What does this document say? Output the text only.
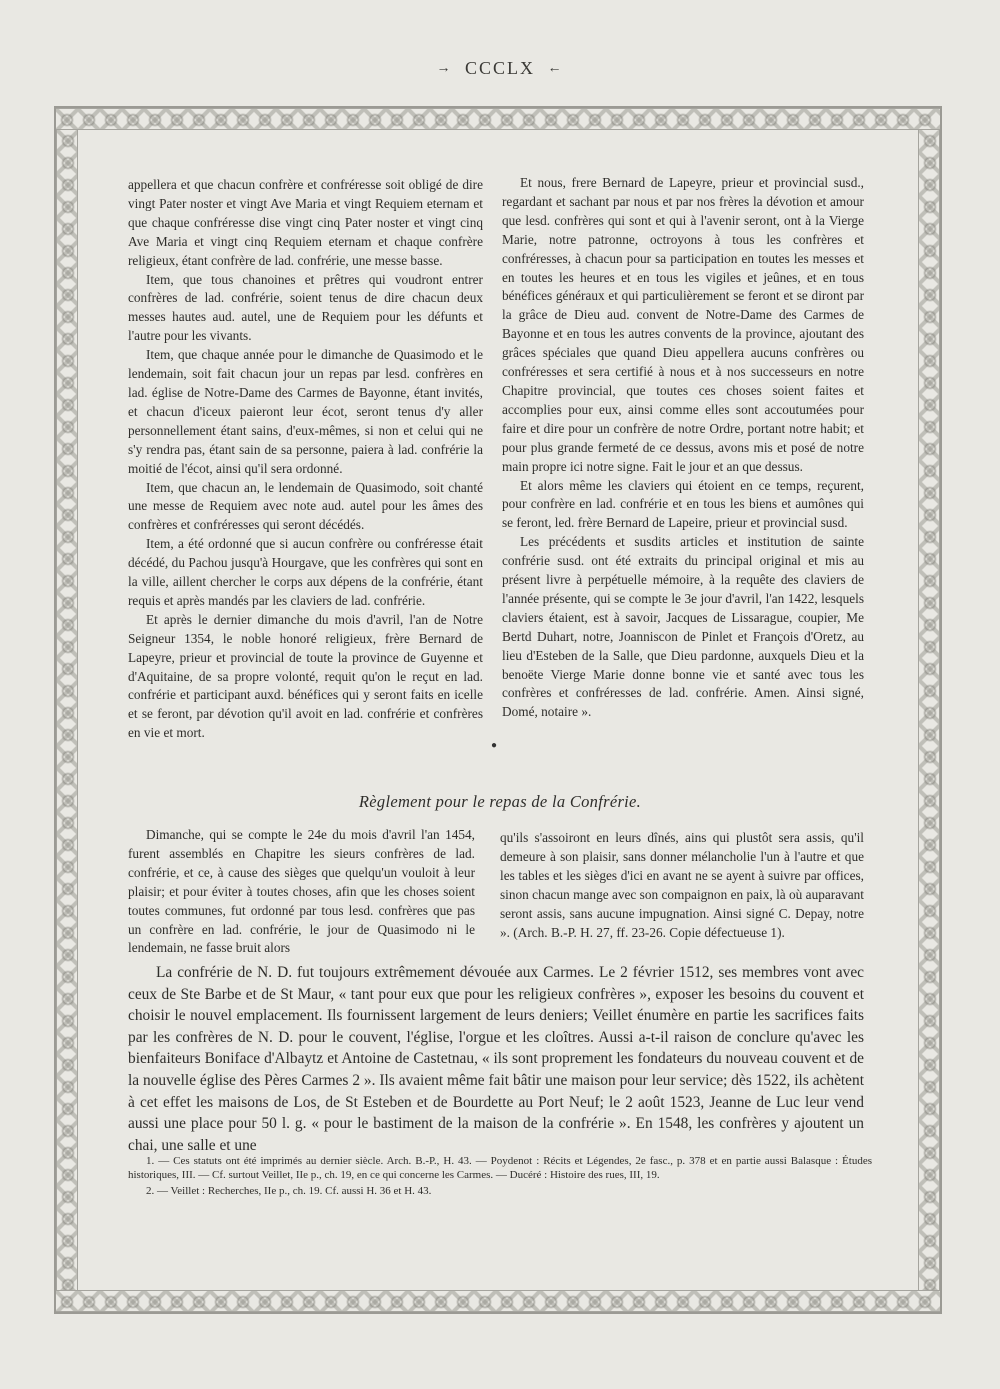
→ CCCLX ←

appellera et que chacun confrère et confréresse soit obligé de dire vingt Pater noster et vingt Ave Maria et vingt Requiem eternam et que chaque confréresse dise vingt cinq Pater noster et vingt cinq Ave Maria et vingt cinq Requiem eternam et chaque confrère religieux, étant confrère de lad. confrérie, une messe basse.

Item, que tous chanoines et prêtres qui voudront entrer confrères de lad. confrérie, soient tenus de dire chacun deux messes hautes aud. autel, une de Requiem pour les défunts et l'autre pour les vivants.

Item, que chaque année pour le dimanche de Quasimodo et le lendemain, soit fait chacun jour un repas par lesd. confrères en lad. église de Notre-Dame des Carmes de Bayonne, étant invités, et chacun d'iceux paieront leur écot, seront tenus d'y aller personnellement étant sains, d'eux-mêmes, si non et celui qui ne s'y rendra pas, étant sain de sa personne, paiera à lad. confrérie la moitié de l'écot, ainsi qu'il sera ordonné.

Item, que chacun an, le lendemain de Quasimodo, soit chanté une messe de Requiem avec note aud. autel pour les âmes des confrères et confréresses qui seront décédés.

Item, a été ordonné que si aucun confrère ou confréresse était décédé, du Pachou jusqu'à Hourgave, que les confrères qui sont en la ville, aillent chercher le corps aux dépens de la confrérie, étant requis et après mandés par les claviers de lad. confrérie.

Et après le dernier dimanche du mois d'avril, l'an de Notre Seigneur 1354, le noble honoré religieux, frère Bernard de Lapeyre, prieur et provincial de toute la province de Guyenne et d'Aquitaine, de sa propre volonté, requit qu'on le reçut en lad. confrérie et participant auxd. bénéfices qui y seront faits en icelle et se feront, par dévotion qu'il avoit en lad. confrérie et confrères en vie et mort.

●

Et nous, frere Bernard de Lapeyre, prieur et provincial susd., regardant et sachant par nous et par nos frères la dévotion et amour que lesd. confrères qui sont et qui à l'avenir seront, ont à la Vierge Marie, notre patronne, octroyons à tous les confrères et confréresses, à chacun pour sa participation en toutes les messes et en toutes les heures et en tous les vigiles et jeûnes, et en tous bénéfices généraux et qui particulièrement se feront et se diront par la grâce de Dieu aud. convent de Notre-Dame des Carmes de Bayonne et en tous les autres convents de la province, ajoutant des grâces spéciales que quand Dieu appellera aucuns confrères ou confréresses et sera certifié à nous et à nos successeurs en notre Chapitre provincial, que toutes ces choses soient faites et accomplies pour eux, ainsi comme elles sont accoutumées pour faire et dire pour un confrère de notre Ordre, portant notre habit; et pour plus grande fermeté de ce dessus, avons mis et posé de notre main propre ici notre signe. Fait le jour et an que dessus.

Et alors même les claviers qui étoient en ce temps, reçurent, pour confrère en lad. confrérie et en tous les biens et aumônes qui se feront, led. frère Bernard de Lapeire, prieur et provincial susd.

Les précédents et susdits articles et institution de sainte confrérie susd. ont été extraits du principal original et mis au présent livre à perpétuelle mémoire, à la requête des claviers de l'année présente, qui se compte le 3e jour d'avril, l'an 1422, lesquels claviers étaient, est à savoir, Jacques de Lissarague, coupier, Me Bertd Duhart, notre, Joanniscon de Pinlet et François d'Oretz, au lieu d'Esteben de la Salle, que Dieu pardonne, auxquels Dieu et la benoëte Vierge Marie donne bonne vie et santé avec tous les confrères et confréresses de lad. confrérie. Amen. Ainsi signé, Domé, notaire ».

Règlement pour le repas de la Confrérie.

Dimanche, qui se compte le 24e du mois d'avril l'an 1454, furent assemblés en Chapitre les sieurs confrères de lad. confrérie, et ce, à cause des sièges que quelqu'un vouloit à leur plaisir; et pour éviter à toutes choses, afin que les choses soient toutes communes, fut ordonné par tous lesd. confrères que pas un confrère en lad. confrérie, le jour de Quasimodo ni le lendemain, ne fasse bruit alors

qu'ils s'assoiront en leurs dînés, ains qui plustôt sera assis, qu'il demeure à son plaisir, sans donner mélancholie l'un à l'autre et que les tables et les sièges d'ici en avant ne se ayent à suivre par offices, sinon chacun mange avec son compaignon en paix, là où auparavant seront assis, sans aucune impugnation. Ainsi signé C. Depay, notre ». (Arch. B.-P. H. 27, ff. 23-26. Copie défectueuse 1).

La confrérie de N. D. fut toujours extrêmement dévouée aux Carmes. Le 2 février 1512, ses membres vont avec ceux de Ste Barbe et de St Maur, « tant pour eux que pour les religieux confrères », exposer les besoins du couvent et choisir le nouvel emplacement. Ils fournissent largement de leurs deniers; Veillet énumère en partie les sacrifices faits par les confrères de N. D. pour le couvent, l'église, l'orgue et les cloîtres. Aussi a-t-il raison de conclure qu'avec les bienfaiteurs Boniface d'Albaytz et Antoine de Castetnau, « ils sont proprement les fondateurs du nouveau couvent et de la nouvelle église des Pères Carmes 2 ». Ils avaient même fait bâtir une maison pour leur service; dès 1522, ils achètent à cet effet les maisons de Los, de St Esteben et de Bourdette au Port Neuf; le 2 août 1523, Jeanne de Luc leur vend aussi une place pour 50 l. g. « pour le bastiment de la maison de la confrérie ». En 1548, les confrères y ajoutent un chai, une salle et une

1. — Ces statuts ont été imprimés au dernier siècle. Arch. B.-P., H. 43. — Poydenot : Récits et Légendes, 2e fasc., p. 378 et en partie aussi Balasque : Études historiques, III. — Cf. surtout Veillet, IIe p., ch. 19, en ce qui concerne les Carmes. — Ducéré : Histoire des rues, III, 19.

2. — Veillet : Recherches, IIe p., ch. 19. Cf. aussi H. 36 et H. 43.
